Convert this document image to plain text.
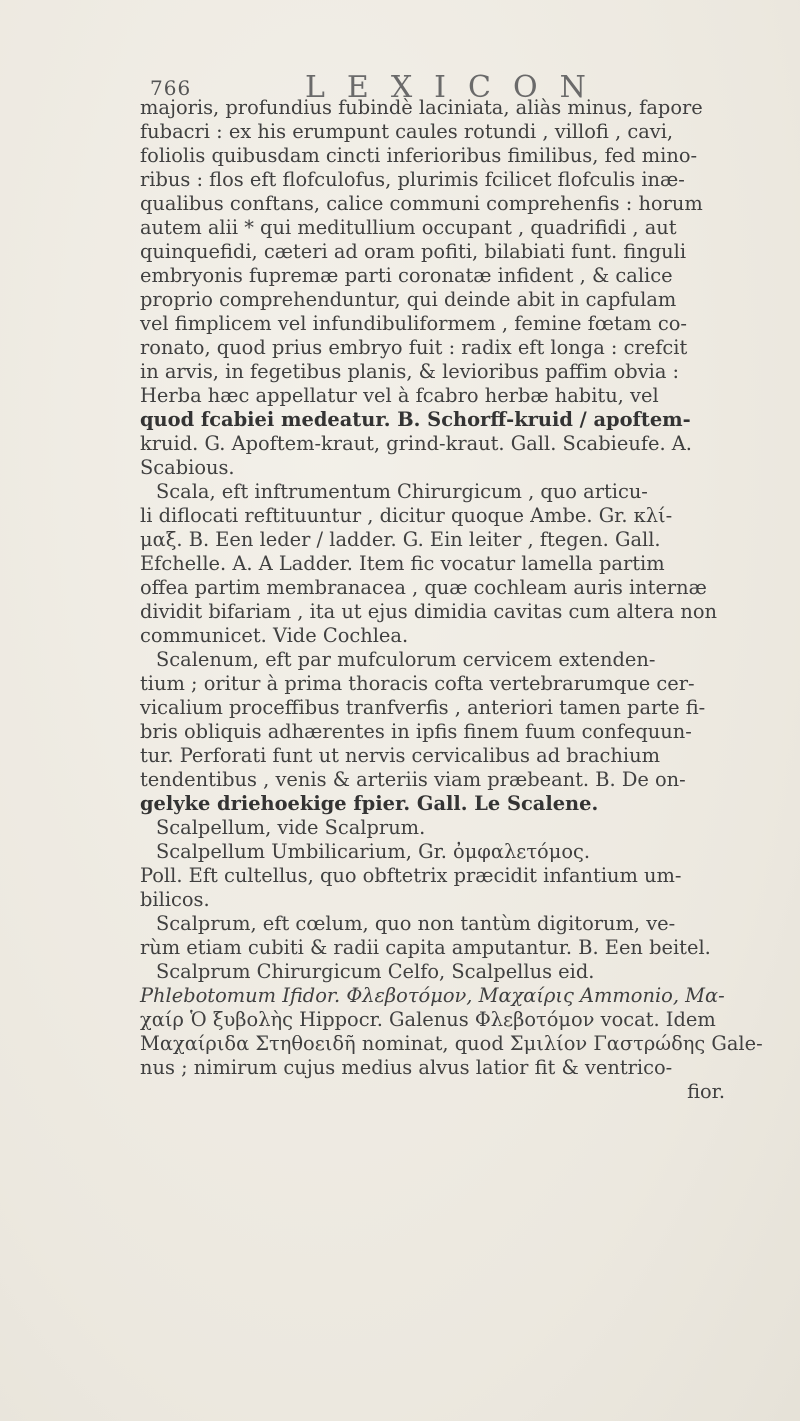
766	LEXICON
majoris, profundius fubindè laciniata, aliàs minus, fapore
fubacri : ex his erumpunt caules rotundi , villofi , cavi,
foliolis quibusdam cincti inferioribus fimilibus, fed mino-
ribus : flos eft flofculofus, plurimis fcilicet flofculis inæ-
qualibus conftans, calice communi comprehenfis : horum
autem alii * qui meditullium occupant , quadrifidi , aut
quinquefidi, cæteri ad oram pofiti, bilabiati funt. finguli
embryonis fupremæ parti coronatæ infident , & calice
proprio comprehenduntur, qui deinde abit in capfulam
vel fimplicem vel infundibuliformem , femine fœtam co-
ronato, quod prius embryo fuit : radix eft longa : crefcit
in arvis, in fegetibus planis, & levioribus paffim obvia :
Herba hæc appellatur vel à fcabro herbæ habitu, vel
quod fcabiei medeatur. B. Schorff-kruid / apoftem-
kruid. G. Apoftem-kraut, grind-kraut. Gall. Scabieufe. A.
Scabious.
Scala, eft inftrumentum Chirurgicum , quo articu-
li diflocati reftituuntur , dicitur quoque Ambe. Gr. κλί-
μαξ. B. Een leder / ladder. G. Ein leiter , ftegen. Gall.
Efchelle. A. A Ladder. Item fic vocatur lamella partim
offea partim membranacea , quæ cochleam auris internæ
dividit bifariam , ita ut ejus dimidia cavitas cum altera non
communicet. Vide Cochlea.
Scalenum, eft par mufculorum cervicem extenden-
tium ; oritur à prima thoracis cofta vertebrarumque cer-
vicalium proceffibus tranfverfis , anteriori tamen parte fi-
bris obliquis adhærentes in ipfis finem fuum confequun-
tur. Perforati funt ut nervis cervicalibus ad brachium
tendentibus , venis & arteriis viam præbeant. B. De on-
gelyke driehoekige fpier. Gall. Le Scalene.
Scalpellum, vide Scalprum.
Scalpellum Umbilicarium, Gr. ὀμφαλετόμος.
Poll. Eft cultellus, quo obftetrix præcidit infantium um-
bilicos.
Scalprum, eft cœlum, quo non tantùm digitorum, ve-
rùm etiam cubiti & radii capita amputantur. B. Een beitel.
Scalprum Chirurgicum Celfo, Scalpellus eid.
Phlebotomum Ifidor. Φλεβοτόμον, Μαχαίρις Ammonio, Μα-
χαίρ Ὁ ξυβολὴς Hippocr. Galenus Φλεβοτόμον vocat. Idem
Μαχαίριδα Στηθοειδῆ nominat, quod Σμιλίον Γαστρώδης Gale-
nus ; nimirum cujus medius alvus latior fit & ventrico-
fior.
